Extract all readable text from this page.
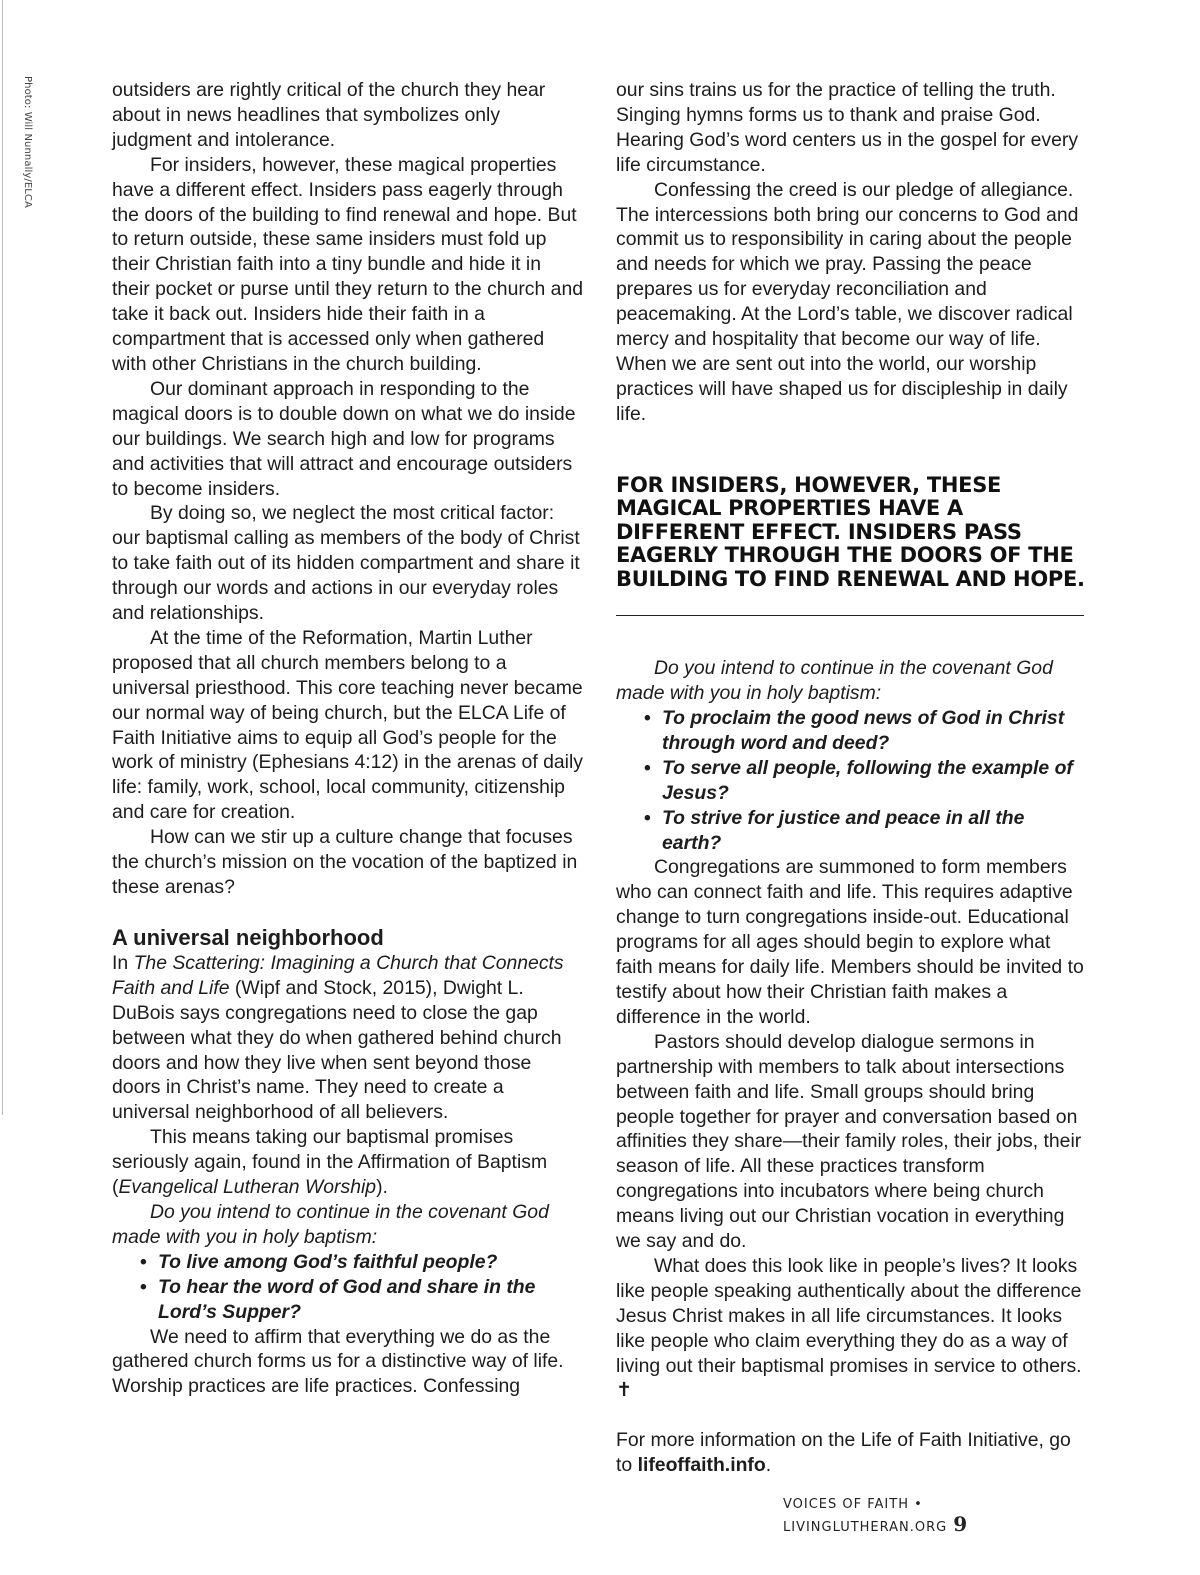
Photo: Will Nunnally/ELCA	outsiders are rightly critical of the church they hear about in news headlines that symbolizes only judgment and intolerance.

For insiders, however, these magical properties have a different effect. Insiders pass eagerly through the doors of the building to find renewal and hope. But to return outside, these same insiders must fold up their Christian faith into a tiny bundle and hide it in their pocket or purse until they return to the church and take it back out. Insiders hide their faith in a compartment that is accessed only when gathered with other Christians in the church building.

Our dominant approach in responding to the magical doors is to double down on what we do inside our buildings. We search high and low for programs and activities that will attract and encourage outsiders to become insiders.

By doing so, we neglect the most critical factor: our baptismal calling as members of the body of Christ to take faith out of its hidden compartment and share it through our words and actions in our everyday roles and relationships.

At the time of the Reformation, Martin Luther proposed that all church members belong to a universal priesthood. This core teaching never became our normal way of being church, but the ELCA Life of Faith Initiative aims to equip all God’s people for the work of ministry (Ephesians 4:12) in the arenas of daily life: family, work, school, local community, citizenship and care for creation.

How can we stir up a culture change that focuses the church’s mission on the vocation of the baptized in these arenas?

A universal neighborhood

In The Scattering: Imagining a Church that Connects Faith and Life (Wipf and Stock, 2015), Dwight L. DuBois says congregations need to close the gap between what they do when gathered behind church doors and how they live when sent beyond those doors in Christ’s name. They need to create a universal neighborhood of all believers.

This means taking our baptismal promises seriously again, found in the Affirmation of Baptism (Evangelical Lutheran Worship).

Do you intend to continue in the covenant God made with you in holy baptism:

• To live among God’s faithful people?
• To hear the word of God and share in the Lord’s Supper?

We need to affirm that everything we do as the gathered church forms us for a distinctive way of life. Worship practices are life practices. Confessing

our sins trains us for the practice of telling the truth. Singing hymns forms us to thank and praise God. Hearing God’s word centers us in the gospel for every life circumstance.

Confessing the creed is our pledge of allegiance. The intercessions both bring our concerns to God and commit us to responsibility in caring about the people and needs for which we pray. Passing the peace prepares us for everyday reconciliation and peacemaking. At the Lord’s table, we discover radical mercy and hospitality that become our way of life. When we are sent out into the world, our worship practices will have shaped us for discipleship in daily life.

FOR INSIDERS, HOWEVER, THESE MAGICAL PROPERTIES HAVE A DIFFERENT EFFECT. INSIDERS PASS EAGERLY THROUGH THE DOORS OF THE BUILDING TO FIND RENEWAL AND HOPE.

Do you intend to continue in the covenant God made with you in holy baptism:

• To proclaim the good news of God in Christ through word and deed?
• To serve all people, following the example of Jesus?
• To strive for justice and peace in all the earth?

Congregations are summoned to form members who can connect faith and life. This requires adaptive change to turn congregations inside-out. Educational programs for all ages should begin to explore what faith means for daily life. Members should be invited to testify about how their Christian faith makes a difference in the world.

Pastors should develop dialogue sermons in partnership with members to talk about intersections between faith and life. Small groups should bring people together for prayer and conversation based on affinities they share—their family roles, their jobs, their season of life. All these practices transform congregations into incubators where being church means living out our Christian vocation in everything we say and do.

What does this look like in people’s lives? It looks like people speaking authentically about the difference Jesus Christ makes in all life circumstances. It looks like people who claim everything they do as a way of living out their baptismal promises in service to others. ✝

For more information on the Life of Faith Initiative, go to lifeoffaith.info.

VOICES OF FAITH • LIVINGLUTHERAN.ORG 9
